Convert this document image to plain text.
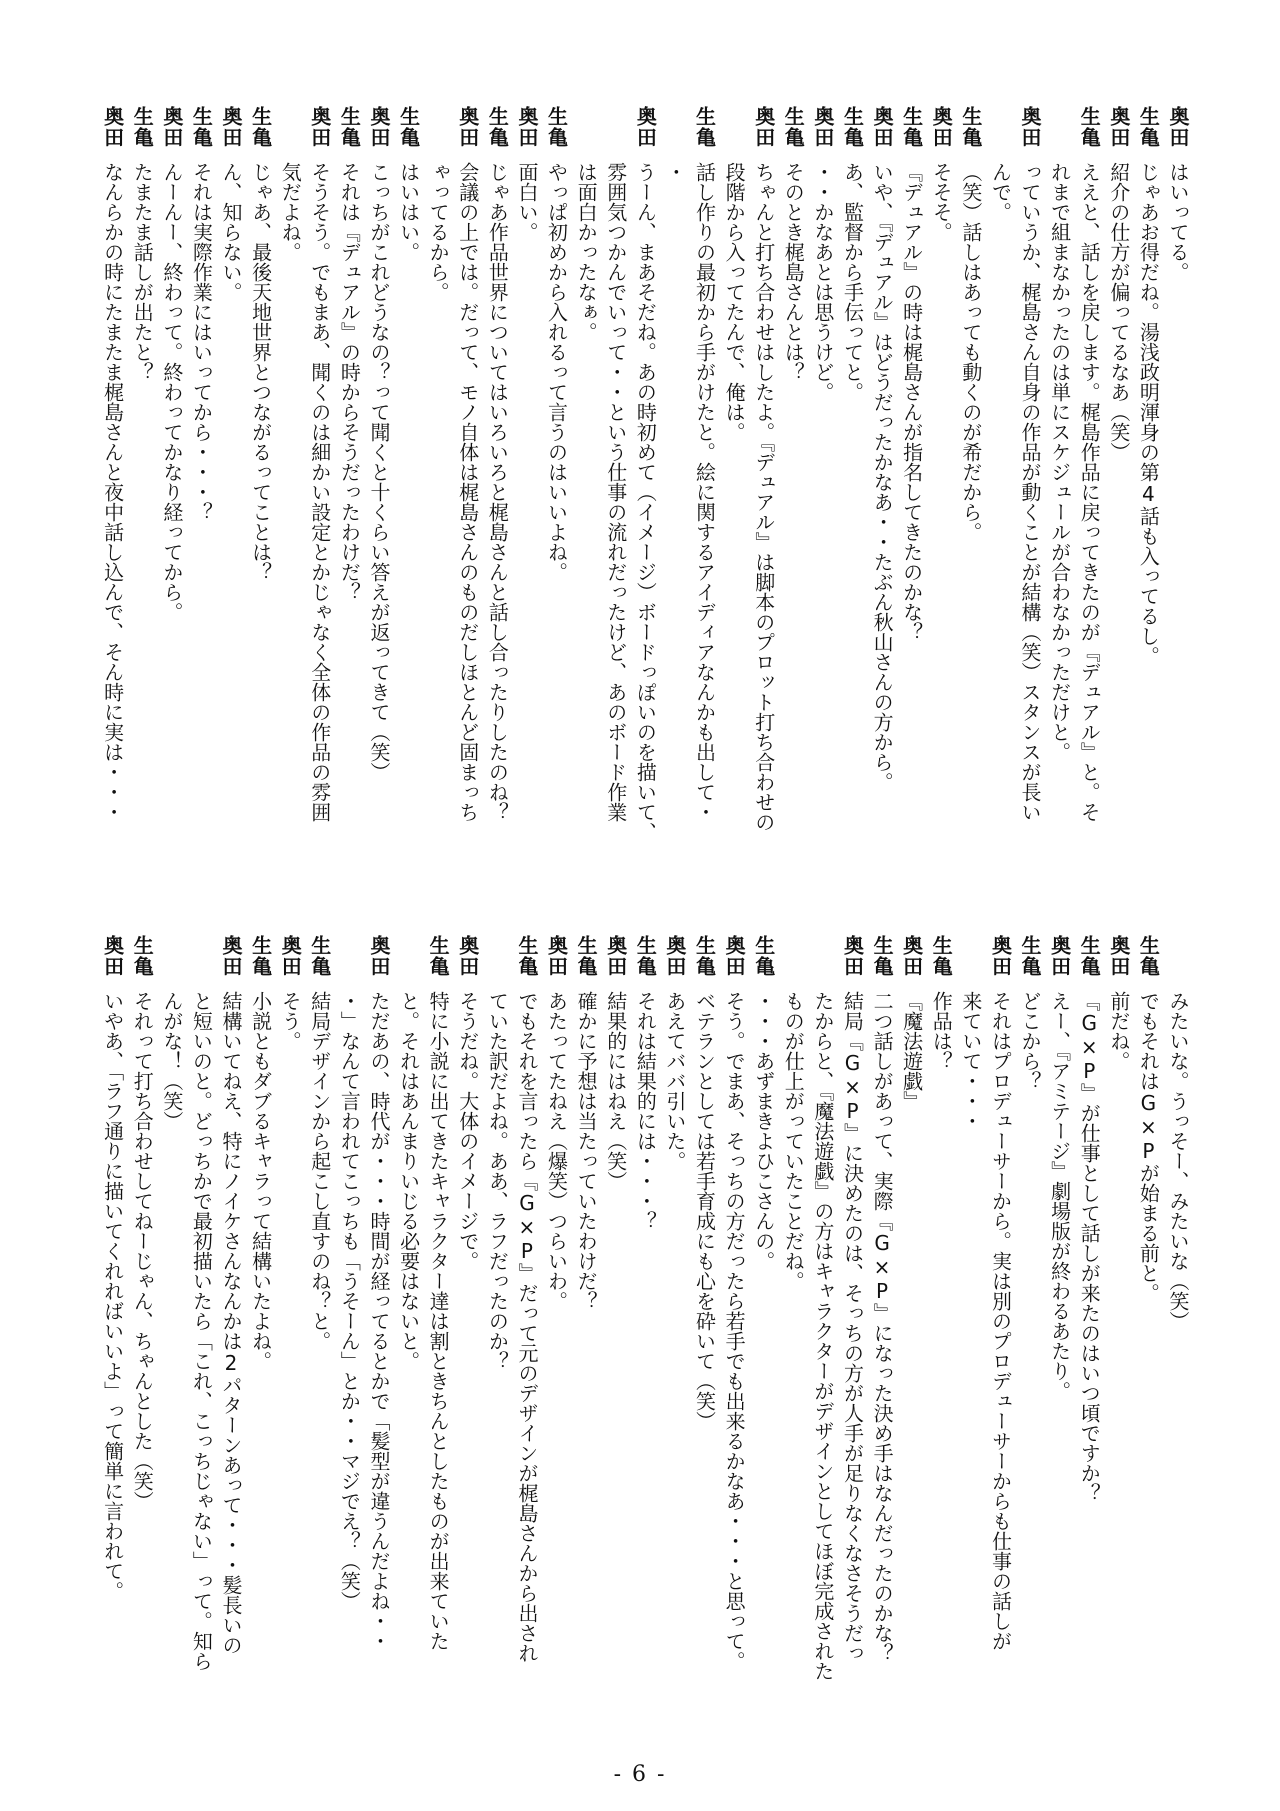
奥田はいってる。
生亀じゃあお得だね。湯浅政明渾身の第4話も入ってるし。
奥田紹介の仕方が偏ってるなあ（笑）
生亀ええと、話しを戻します。梶島作品に戻ってきたのが『デュアル』と。そ
れまで組まなかったのは単にスケジュールが合わなかっただけと。
奥田っていうか、梶島さん自身の作品が動くことが結構（笑）スタンスが長い
んで。
生亀（笑）話しはあっても動くのが希だから。
奥田そそそ。
生亀『デュアル』の時は梶島さんが指名してきたのかな？
奥田いや、『デュアル』はどうだったかなあ・・たぶん秋山さんの方から。
生亀あ、監督から手伝ってと。
奥田・・かなあとは思うけど。
生亀そのとき梶島さんとは？
奥田ちゃんと打ち合わせはしたよ。『デュアル』は脚本のプロット打ち合わせの
段階から入ってたんで、俺は。
生亀話し作りの最初から手がけたと。絵に関するアイディアなんかも出して・
・
奥田うーん、まあそだね。あの時初めて（イメージ）ボードっぽいのを描いて、
雰囲気つかんでいって・・という仕事の流れだったけど、あのボード作業
は面白かったなぁ。
生亀やっぱ初めから入れるって言うのはいいよね。
奥田面白い。
生亀じゃあ作品世界についてはいろいろと梶島さんと話し合ったりしたのね？
奥田会議の上では。だって、モノ自体は梶島さんのものだしほとんど固まっち
ゃってるから。
生亀はいはい。
奥田こっちがこれどうなの？って聞くと十くらい答えが返ってきて（笑）
生亀それは『デュアル』の時からそうだったわけだ？
奥田そうそう。でもまあ、聞くのは細かい設定とかじゃなく全体の作品の雰囲
気だよね。
生亀じゃあ、最後天地世界とつながるってことは？
奥田ん、知らない。
生亀それは実際作業にはいってから・・・？
奥田んーんー、終わって。終わってかなり経ってから。
生亀たまたま話しが出たと？
奥田なんらかの時にたまたま梶島さんと夜中話し込んで、そん時に実は・・・
みたいな。うっそー、みたいな（笑）
生亀でもそれはG×Pが始まる前と。
奥田前だね。
生亀『G×P』が仕事として話しが来たのはいつ頃ですか？
奥田えー、『アミテージ』劇場版が終わるあたり。
生亀どこから？
奥田それはプロデューサーから。実は別のプロデューサーからも仕事の話しが
来ていて・・・
生亀作品は？
奥田『魔法遊戯』
生亀二つ話しがあって、実際『G×P』になった決め手はなんだったのかな？
奥田結局『G×P』に決めたのは、そっちの方が人手が足りなくなさそうだっ
たからと、『魔法遊戯』の方はキャラクターがデザインとしてほぼ完成された
ものが仕上がっていたことだね。
生亀・・・あずまきよひこさんの。
奥田そう。でまあ、そっちの方だったら若手でも出来るかなあ・・・と思って。
生亀ベテランとしては若手育成にも心を砕いて（笑）
奥田あえてババ引いた。
生亀それは結果的には・・・？
奥田結果的にはねえ（笑）
生亀確かに予想は当たっていたわけだ？
奥田あたってたねえ（爆笑）つらいわ。
生亀でもそれを言ったら『G×P』だって元のデザインが梶島さんから出され
ていた訳だよね。ああ、ラフだったのか？
奥田そうだね。大体のイメージで。
生亀特に小説に出てきたキャラクター達は割ときちんとしたものが出来ていた
と。それはあんまりいじる必要はないと。
奥田ただあの、時代が・・・時間が経ってるとかで「髪型が違うんだよね・・
・」なんて言われてこっちも「うそーん」とか・・マジでえ？（笑）
生亀結局デザインから起こし直すのね？と。
奥田そう。
生亀小説ともダブるキャラって結構いたよね。
奥田結構いてねえ、特にノイケさんなんかは2パターンあって・・・髪長いの
と短いのと。どっちかで最初描いたら「これ、こっちじゃない」って。知ら
んがな！（笑）
生亀それって打ち合わせしてねーじゃん、ちゃんとした（笑）
奥田いやあ、「ラフ通りに描いてくれればいいよ」って簡単に言われて。
- 6 -
